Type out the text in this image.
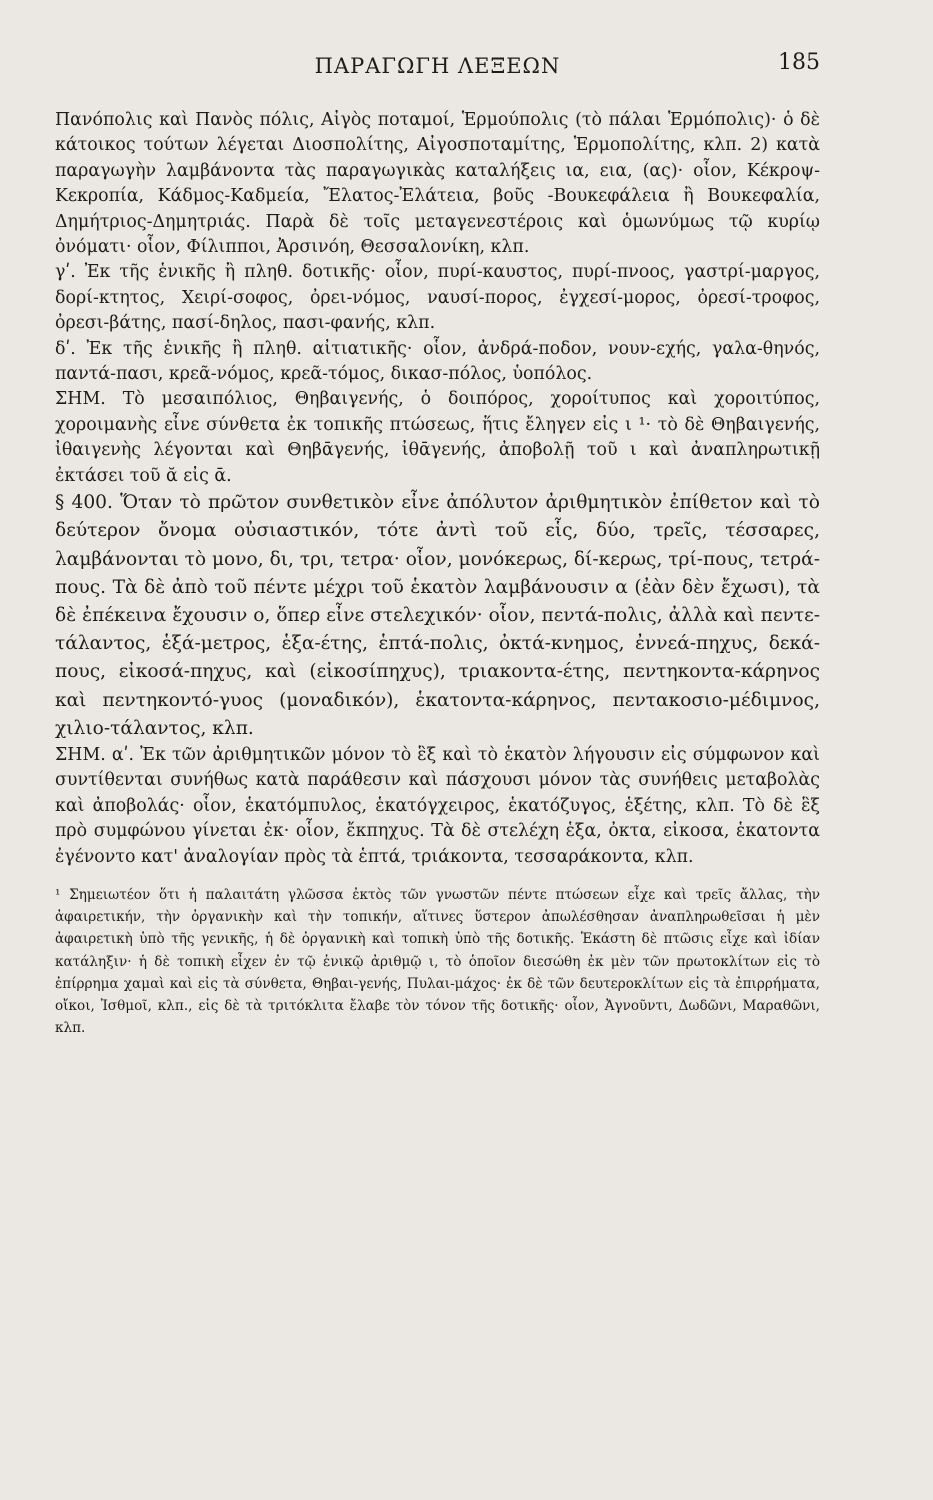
ΠΑΡΑΓΩΓΗ ΛΕΞΕΩΝ	185

Πανόπολις καὶ Πανὸς πόλις, Αἰγὸς ποταμοί, Ἑρμούπολις (τὸ πάλαι Ἑρμόπολις)· ὁ δὲ κάτοικος τούτων λέγεται Διοσπολίτης, Αἰγοσποταμίτης, Ἑρμοπολίτης, κλπ. 2) κατὰ παραγωγὴν λαμβάνοντα τὰς παραγωγικὰς καταλήξεις ια, εια, (ας)· οἷον, Κέκροψ-Κεκροπία, Κάδμος-Καδμεία, Ἔλατος-Ἐλάτεια, βοῦς -Βουκεφάλεια ἢ Βουκεφαλία, Δημήτριος-Δημητριάς. Παρὰ δὲ τοῖς μεταγενεστέροις καὶ ὁμωνύμως τῷ κυρίῳ ὀνόματι· οἷον, Φίλιπποι, Ἀρσινόη, Θεσσαλονίκη, κλπ.

γʹ. Ἐκ τῆς ἑνικῆς ἢ πληθ. δοτικῆς· οἷον, πυρί-καυστος, πυρί-πνοος, γαστρί-μαργος, δορί-κτητος, Χειρί-σοφος, ὀρει-νόμος, ναυσί-πορος, ἐγχεσί-μορος, ὀρεσί-τροφος, ὀρεσι-βάτης, πασί-δηλος, πασι-φανής, κλπ.

δʹ. Ἐκ τῆς ἑνικῆς ἢ πληθ. αἰτιατικῆς· οἷον, ἀνδρά-ποδον, νουν-εχής, γαλα-θηνός, παντά-πασι, κρεᾶ-νόμος, κρεᾶ-τόμος, δικασ-πόλος, ὑοπόλος.

ΣΗΜ. Τὸ μεσαιπόλιος, Θηβαιγενής, ὁ δοιπόρος, χοροίτυπος καὶ χοροιτύπος, χοροιμανὴς εἶνε σύνθετα ἐκ τοπικῆς πτώσεως, ἥτις ἔληγεν εἰς ι ¹· τὸ δὲ Θηβαιγενής, ἰθαιγενὴς λέγονται καὶ Θηβᾱγενής, ἰθᾱγενής, ἀποβολῇ τοῦ ι καὶ ἀναπληρωτικῇ ἐκτάσει τοῦ ᾰ εἰς ᾱ.

§ 400. Ὅταν τὸ πρῶτον συνθετικὸν εἶνε ἀπόλυτον ἀριθμητικὸν ἐπίθετον καὶ τὸ δεύτερον ὄνομα οὐσιαστικόν, τότε ἀντὶ τοῦ εἷς, δύο, τρεῖς, τέσσαρες, λαμβάνονται τὸ μονο, δι, τρι, τετρα· οἷον, μονόκερως, δί-κερως, τρί-πους, τετρά-πους. Τὰ δὲ ἀπὸ τοῦ πέντε μέχρι τοῦ ἑκατὸν λαμβάνουσιν α (ἐὰν δὲν ἔχωσι), τὰ δὲ ἐπέκεινα ἔχουσιν ο, ὅπερ εἶνε στελεχικόν· οἷον, πεντά-πολις, ἀλλὰ καὶ πεντε-τάλαντος, ἑξά-μετρος, ἑξα-έτης, ἑπτά-πολις, ὀκτά-κνημος, ἐννεά-πηχυς, δεκά-πους, εἰκοσά-πηχυς, καὶ (εἰκοσίπηχυς), τριακοντα-έτης, πεντηκοντα-κάρηνος καὶ πεντηκοντό-γυος (μοναδικόν), ἑκατοντα-κάρηνος, πεντακοσιο-μέδιμνος, χιλιο-τάλαντος, κλπ.

ΣΗΜ. αʹ. Ἐκ τῶν ἀριθμητικῶν μόνον τὸ ἓξ καὶ τὸ ἑκατὸν λήγουσιν εἰς σύμφωνον καὶ συντίθενται συνήθως κατὰ παράθεσιν καὶ πάσχουσι μόνον τὰς συνήθεις μεταβολὰς καὶ ἀποβολάς· οἷον, ἑκατόμπυλος, ἑκατόγχειρος, ἑκατόζυγος, ἑξέτης, κλπ. Τὸ δὲ ἓξ πρὸ συμφώνου γίνεται ἐκ· οἷον, ἔκπηχυς. Τὰ δὲ στελέχη ἑξα, ὀκτα, εἰκοσα, ἑκατοντα ἐγένοντο κατ' ἀναλογίαν πρὸς τὰ ἑπτά, τριάκοντα, τεσσαράκοντα, κλπ.

¹ Σημειωτέον ὅτι ἡ παλαιτάτη γλῶσσα ἐκτὸς τῶν γνωστῶν πέντε πτώσεων εἶχε καὶ τρεῖς ἄλλας, τὴν ἀφαιρετικήν, τὴν ὀργανικὴν καὶ τὴν τοπικήν, αἵτινες ὕστερον ἀπωλέσθησαν ἀναπληρωθεῖσαι ἡ μὲν ἀφαιρετικὴ ὑπὸ τῆς γενικῆς, ἡ δὲ ὀργανικὴ καὶ τοπικὴ ὑπὸ τῆς δοτικῆς. Ἑκάστη δὲ πτῶσις εἶχε καὶ ἰδίαν κατάληξιν· ἡ δὲ τοπικὴ εἶχεν ἐν τῷ ἑνικῷ ἀριθμῷ ι, τὸ ὁποῖον διεσώθη ἐκ μὲν τῶν πρωτοκλίτων εἰς τὸ ἐπίρρημα χαμαὶ καὶ εἰς τὰ σύνθετα, Θηβαι-γενής, Πυλαι-μάχος· ἐκ δὲ τῶν δευτεροκλίτων εἰς τὰ ἐπιρρήματα, οἴκοι, Ἰσθμοῖ, κλπ., εἰς δὲ τὰ τριτόκλιτα ἔλαβε τὸν τόνον τῆς δοτικῆς· οἷον, Ἀγνοῦντι, Δωδῶνι, Μαραθῶνι, κλπ.
